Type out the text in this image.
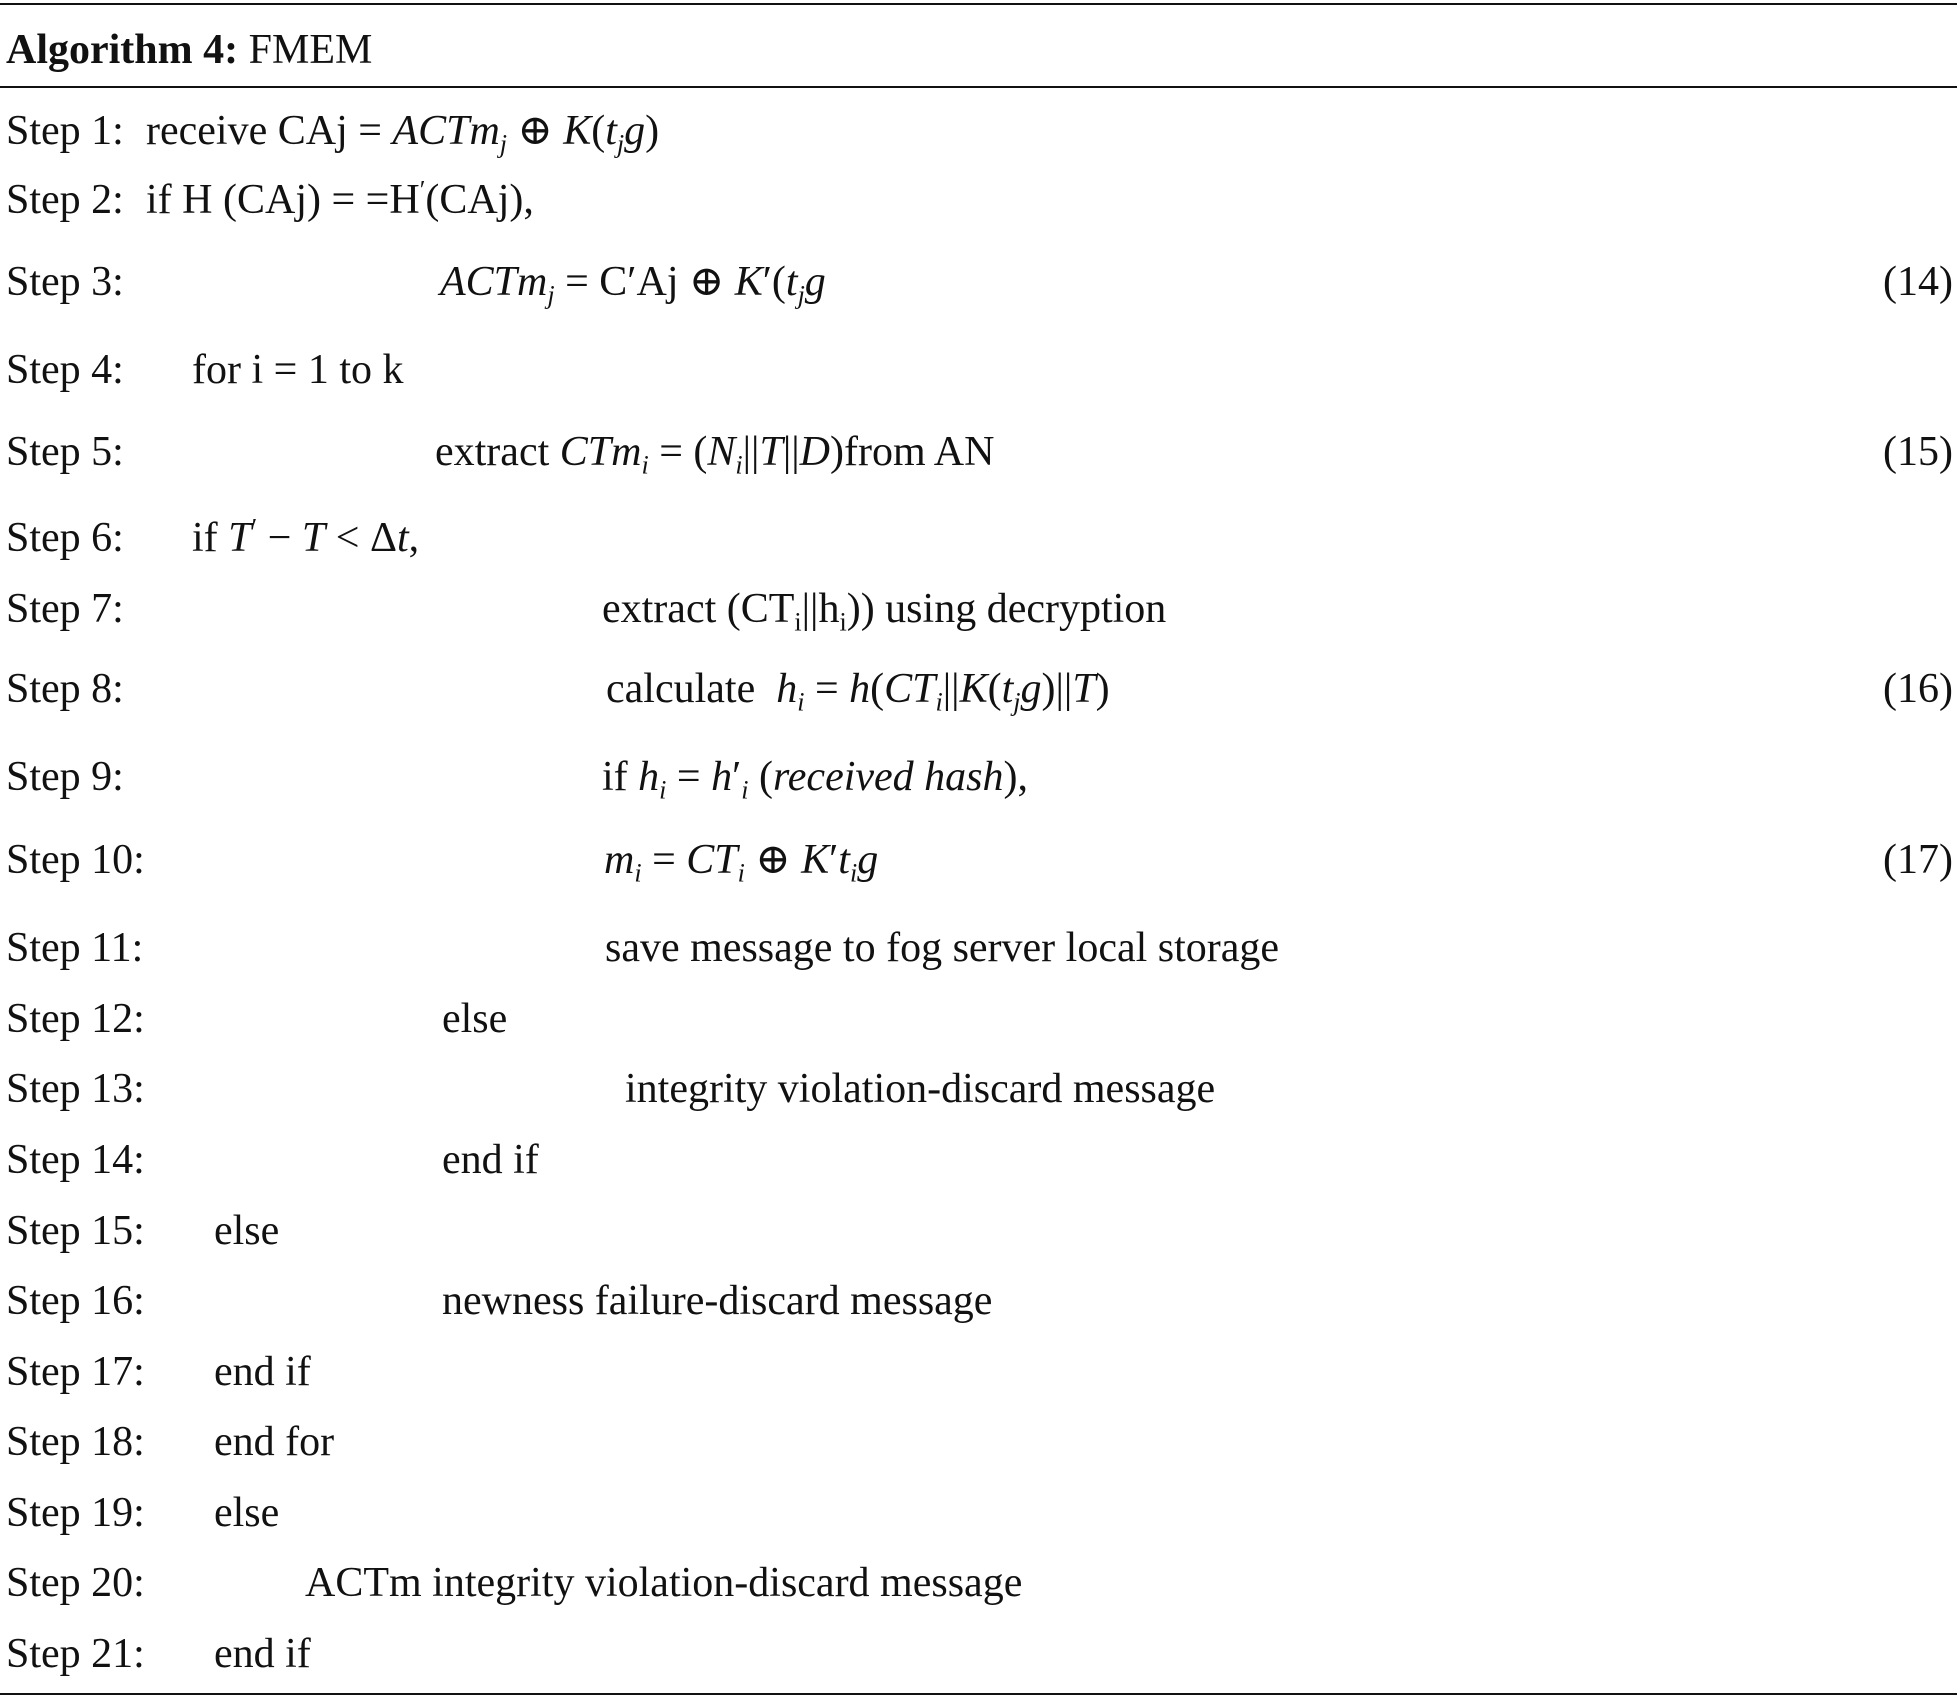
Algorithm 4: FMEM
Step 1: receive CAj = ACTm$_j$ ⊕ $K(t_jg)$
Step 2: if H (CAj) = =H′(CAj),
Step 3:	ACTm$_j$ = C′Aj ⊕ $K'(t_jg$	(14)
Step 4: for i = 1 to k
Step 5:	extract $CTm_i = (N_i||T||D)from$ AN	(15)
Step 6: if T′ − T < Δt,
Step 7:	extract $(CT_i||h_i)$) using decryption
Step 8:	calculate  $h_i = h(CT_i||K(t_jg)||T)$	(16)
Step 9:	if $h_i = h'_i$ (received hash),
Step 10:	$m_i = CT_i$ ⊕ $K't_ig$	(17)
Step 11:	save message to fog server local storage
Step 12:	else
Step 13:	integrity violation-discard message
Step 14:	end if
Step 15: else
Step 16:	newness failure-discard message
Step 17: end if
Step 18: end for
Step 19: else
Step 20:	ACTm integrity violation-discard message
Step 21: end if
